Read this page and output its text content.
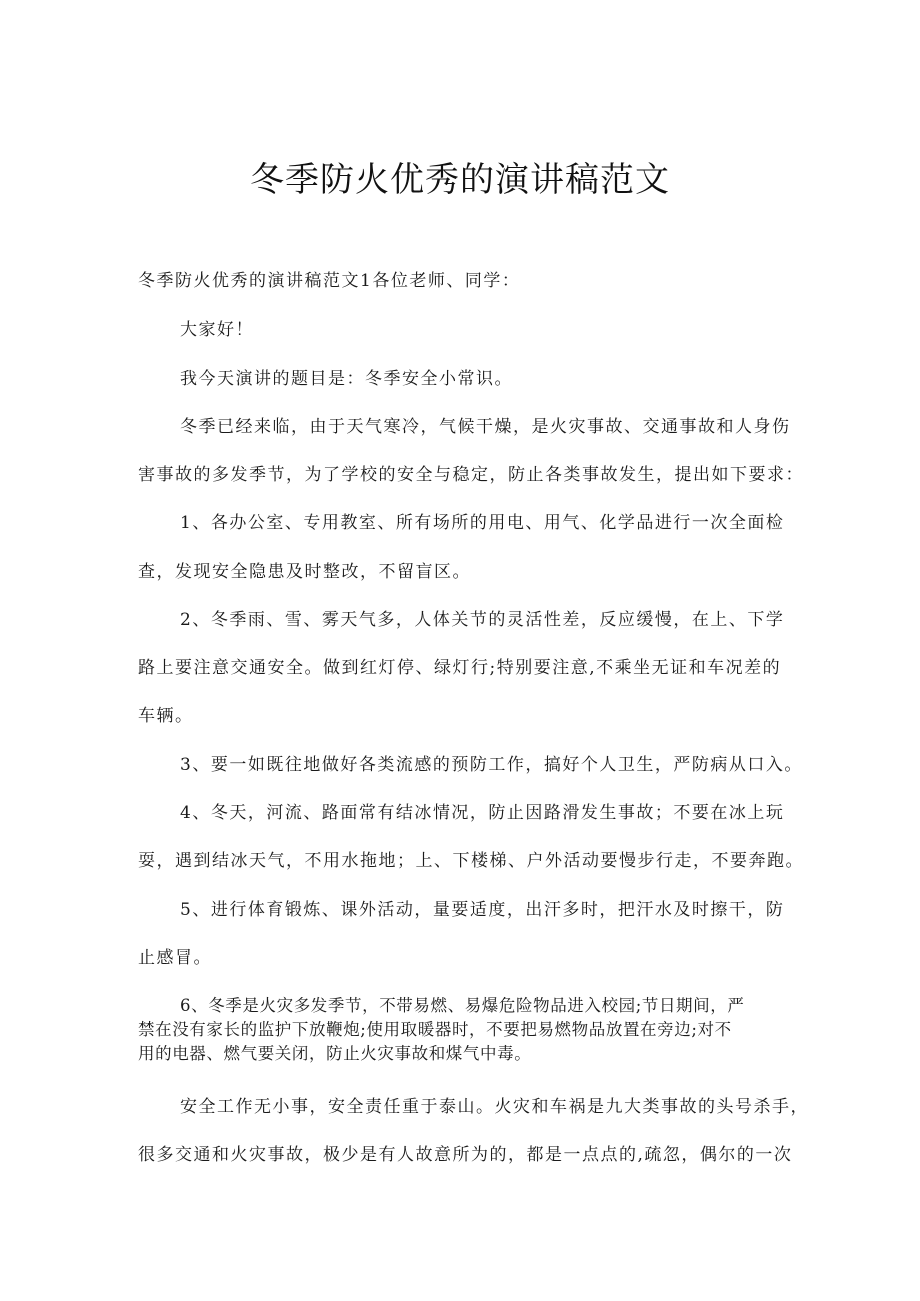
冬季防火优秀的演讲稿范文

冬季防火优秀的演讲稿范文1各位老师、同学：

大家好！

我今天演讲的题目是：冬季安全小常识。

冬季已经来临，由于天气寒冷，气候干燥，是火灾事故、交通事故和人身伤

害事故的多发季节，为了学校的安全与稳定，防止各类事故发生，提出如下要求：

1、各办公室、专用教室、所有场所的用电、用气、化学品进行一次全面检

查，发现安全隐患及时整改，不留盲区。

2、冬季雨、雪、雾天气多，人体关节的灵活性差，反应缓慢，在上、下学

路上要注意交通安全。做到红灯停、绿灯行;特别要注意,不乘坐无证和车况差的

车辆。

3、要一如既往地做好各类流感的预防工作，搞好个人卫生，严防病从口入。

4、冬天，河流、路面常有结冰情况，防止因路滑发生事故；不要在冰上玩

耍，遇到结冰天气，不用水拖地；上、下楼梯、户外活动要慢步行走，不要奔跑。

5、进行体育锻炼、课外活动，量要适度，出汗多时，把汗水及时擦干，防

止感冒。

6、冬季是火灾多发季节，不带易燃、易爆危险物品进入校园;节日期间，严

禁在没有家长的监护下放鞭炮;使用取暖器时，不要把易燃物品放置在旁边;对不

用的电器、燃气要关闭，防止火灾事故和煤气中毒。

安全工作无小事，安全责任重于泰山。火灾和车祸是九大类事故的头号杀手，

很多交通和火灾事故，极少是有人故意所为的，都是一点点的,疏忽，偶尔的一次
